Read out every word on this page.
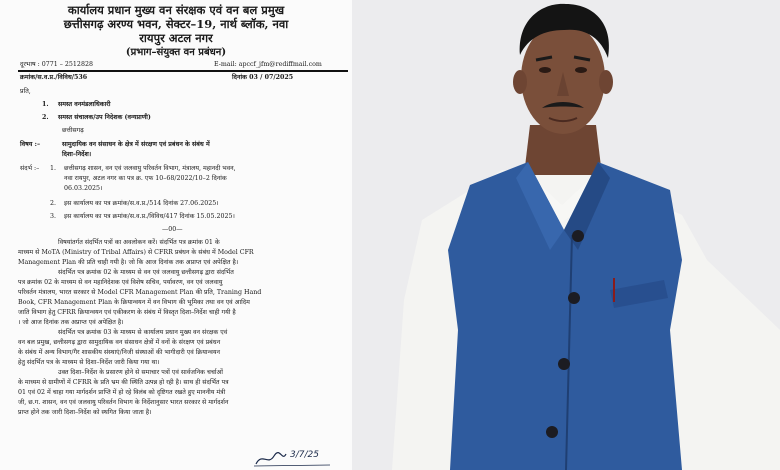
कार्यालय प्रधान मुख्य वन संरक्षक एवं वन बल प्रमुख
छत्तीसगढ़ अरण्य भवन, सेक्टर–19, नार्थ ब्लॉक, नवा
रायपुर अटल नगर
(प्रभाग–संयुक्त वन प्रबंधन)
दूरभाष : 0771 – 2512828	E-mail: apccf_jfm@rediffmail.com
क्रमांक/स.व.प्र./विविध/536	दिनांक 03 / 07/2025
प्रति,
1. समस्त वनमंडलाधिकारी
2. समस्त संचालक/उप निदेशक (वन्यप्राणी)
छत्तीसगढ़
विषय :–	सामुदायिक वन संसाधन के क्षेत्र में संरक्षण एवं प्रबंधन के संबंध में
दिशा–निर्देश।
संदर्भ :– 1. छत्तीसगढ़ शासन, वन एवं जलवायु परिवर्तन विभाग, मंत्रालय, महानदी भवन,
नवा रायपुर, अटल नगर का पत्र क्र. एफ 10–68/2022/10–2 दिनांक
06.03.2025।
2. इस कार्यालय का पत्र क्रमांक/स.व.प्र./514 दिनांक 27.06.2025।
3. इस कार्यालय का पत्र क्रमांक/स.व.प्र./विविध/417 दिनांक 15.05.2025।
—00—
विषयांतर्गत संदर्भित पत्रों का अवलोकन करें। संदर्भित पत्र क्रमांक 01 के
माध्यम से MoTA (Ministry of Tribal Affairs) से CFRR प्रबंधन के संबंध में Model CFR
Management Plan की प्रति चाही गयी है। जो कि आज दिनांक तक अप्राप्त एवं अपेक्षित है।
संदर्भित पत्र क्रमांक 02 के माध्यम से वन एवं जलवायु छत्तीसगढ़ द्वारा संदर्भित
पत्र क्रमांक 02 के माध्यम से वन महानिदेशक एवं विशेष सचिव, पर्यावरण, वन एवं जलवायु
परिवर्तन मंत्रालय, भारत सरकार से Model CFR Management Plan की प्रति, Traning Hand
Book, CFR Management Plan के क्रियान्वयन में वन विभाग की भूमिका तथा वन एवं आदिम
जाति विभाग हेतु CFRR क्रियान्वयन एवं एकीकरण के संबंध में विस्तृत दिशा–निर्देश चाही गयी है
। जो आज दिनांक तक अप्राप्त एवं अपेक्षित है।
संदर्भित पत्र क्रमांक 03 के माध्यम से कार्यालय प्रधान मुख्य वन संरक्षक एवं
वन बल प्रमुख, छत्तीसगढ़ द्वारा सामुदायिक वन संसाधन क्षेत्रों में वनों के संरक्षण एवं प्रबंधन
के संबंध में अन्य विभाग/गैर शासकीय संस्थाएं/निजी संस्थाओं की भागीदारी एवं क्रियान्वयन
हेतु संदर्भित पत्र के माध्यम से दिशा–निर्देश जारी किया गया था।
उक्त दिशा–निर्देश के प्रसारण होने से समाचार पत्रों एवं सार्वजनिक चर्चाओं
के माध्यम से ग्रामीणों में CFRR के प्रति भ्रम की स्थिति उत्पन्न हो रही है। साथ ही संदर्भित पत्र
01 एवं 02 में चाहा गया मार्गदर्शन प्राप्ति में हो रहे विलंब को दृष्टिगत रखते हुए माननीय मंत्री
जी, छ.ग. शासन, वन एवं जलवायु परिवर्तन विभाग के निर्देशानुसार भारत सरकार से मार्गदर्शन
प्राप्त होने तक जारी दिशा–निर्देश को स्थगित किया जाता है।
3/7/25
